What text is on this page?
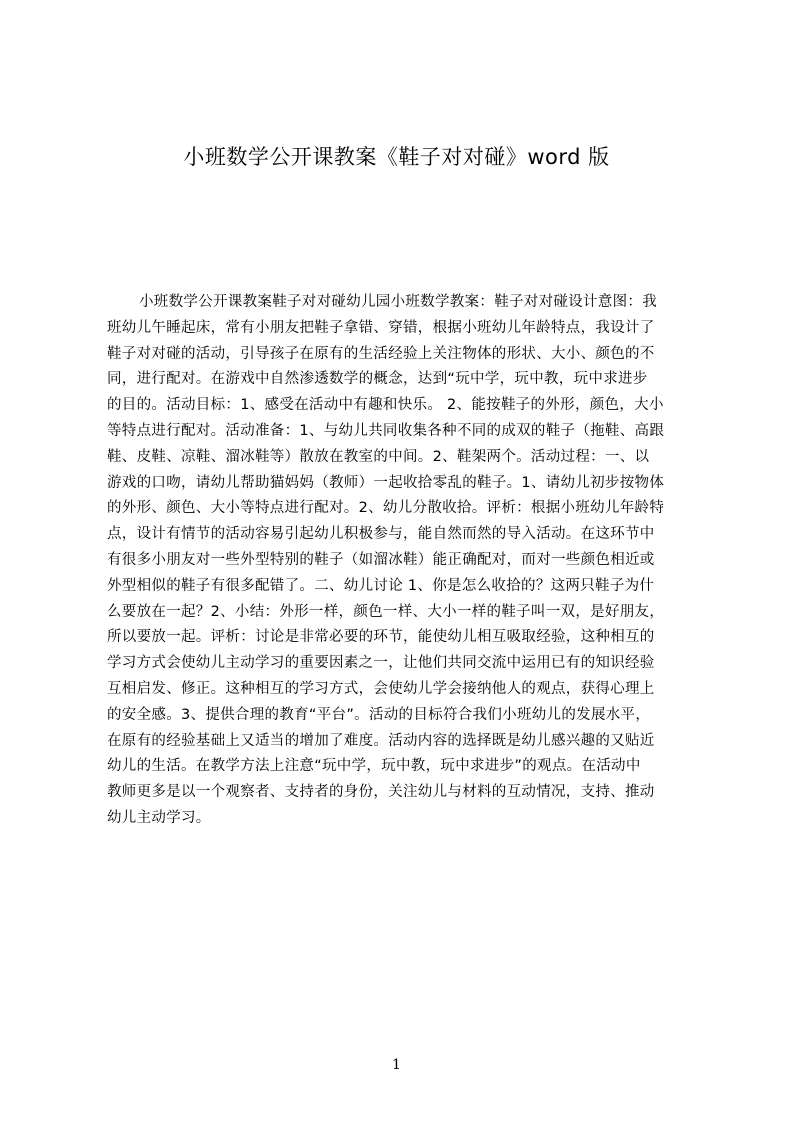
小班数学公开课教案《鞋子对对碰》word 版
小班数学公开课教案鞋子对对碰幼儿园小班数学教案：鞋子对对碰设计意图：我
班幼儿午睡起床，常有小朋友把鞋子拿错、穿错，根据小班幼儿年龄特点，我设计了
鞋子对对碰的活动，引导孩子在原有的生活经验上关注物体的形状、大小、颜色的不
同，进行配对。在游戏中自然渗透数学的概念，达到“玩中学，玩中教，玩中求进步
的目的。活动目标：1、感受在活动中有趣和快乐。 2、能按鞋子的外形，颜色，大小
等特点进行配对。活动准备：1、与幼儿共同收集各种不同的成双的鞋子（拖鞋、高跟
鞋、皮鞋、凉鞋、溜冰鞋等）散放在教室的中间。2、鞋架两个。活动过程：一、以
游戏的口吻，请幼儿帮助猫妈妈（教师）一起收拾零乱的鞋子。1、请幼儿初步按物体
的外形、颜色、大小等特点进行配对。2、幼儿分散收拾。评析：根据小班幼儿年龄特
点，设计有情节的活动容易引起幼儿积极参与，能自然而然的导入活动。在这环节中
有很多小朋友对一些外型特别的鞋子（如溜冰鞋）能正确配对，而对一些颜色相近或
外型相似的鞋子有很多配错了。二、幼儿讨论 1、你是怎么收拾的？这两只鞋子为什
么要放在一起？2、小结：外形一样，颜色一样、大小一样的鞋子叫一双，是好朋友，
所以要放一起。评析：讨论是非常必要的环节，能使幼儿相互吸取经验，这种相互的
学习方式会使幼儿主动学习的重要因素之一，让他们共同交流中运用已有的知识经验
互相启发、修正。这种相互的学习方式，会使幼儿学会接纳他人的观点，获得心理上
的安全感。3、提供合理的教育“平台”。活动的目标符合我们小班幼儿的发展水平，
在原有的经验基础上又适当的增加了难度。活动内容的选择既是幼儿感兴趣的又贴近
幼儿的生活。在教学方法上注意“玩中学，玩中教，玩中求进步”的观点。在活动中
教师更多是以一个观察者、支持者的身份，关注幼儿与材料的互动情况，支持、推动
幼儿主动学习。
1
